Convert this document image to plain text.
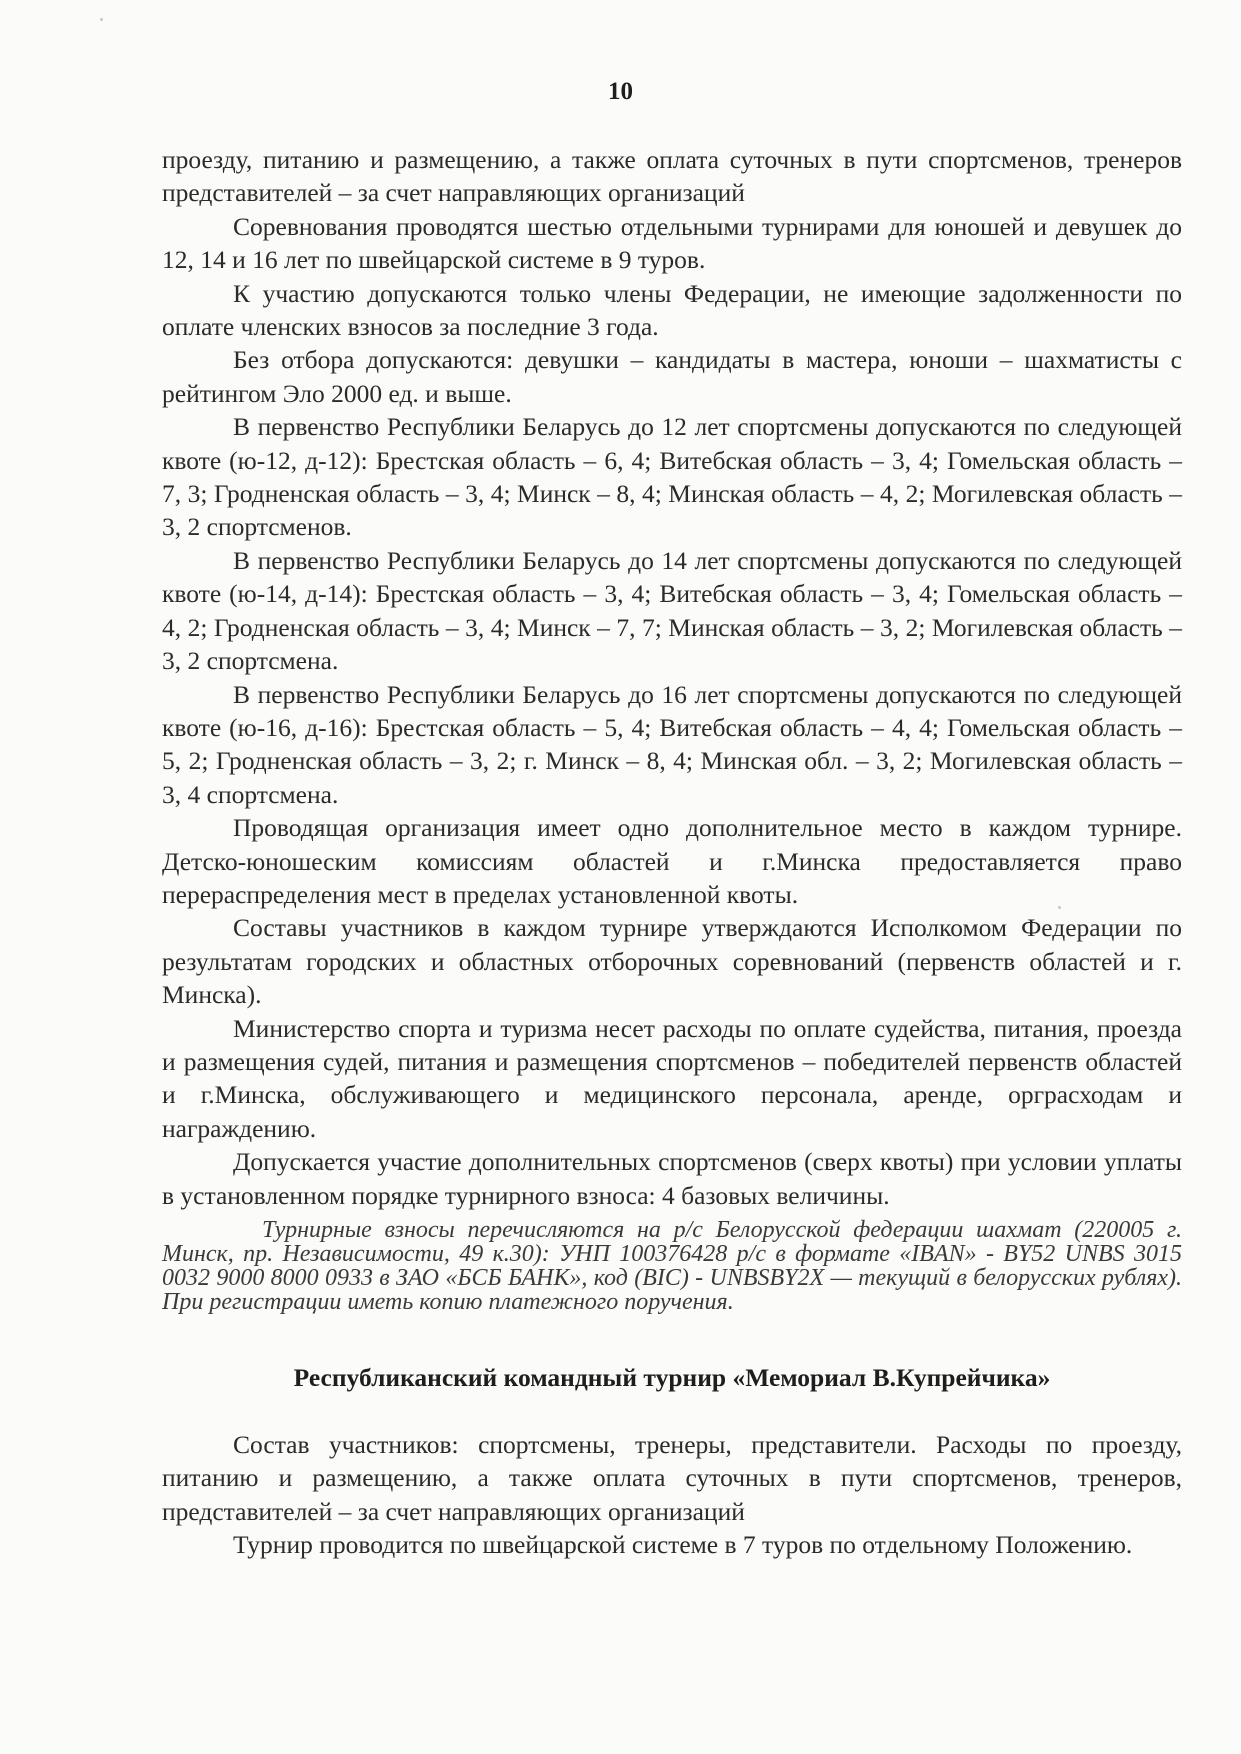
10

проезду, питанию и размещению, а также оплата суточных в пути спортсменов, тренеров представителей – за счет направляющих организаций

Соревнования проводятся шестью отдельными турнирами для юношей и девушек до 12, 14 и 16 лет по швейцарской системе в 9 туров.

К участию допускаются только члены Федерации, не имеющие задолженности по оплате членских взносов за последние 3 года.

Без отбора допускаются: девушки – кандидаты в мастера, юноши – шахматисты с рейтингом Эло 2000 ед. и выше.

В первенство Республики Беларусь до 12 лет спортсмены допускаются по следующей квоте (ю-12, д-12): Брестская область – 6, 4; Витебская область – 3, 4; Гомельская область – 7, 3; Гродненская область – 3, 4; Минск – 8, 4; Минская область – 4, 2; Могилевская область – 3, 2 спортсменов.

В первенство Республики Беларусь до 14 лет спортсмены допускаются по следующей квоте (ю-14, д-14): Брестская область – 3, 4; Витебская область – 3, 4; Гомельская область – 4, 2; Гродненская область – 3, 4; Минск – 7, 7; Минская область – 3, 2; Могилевская область – 3, 2 спортсмена.

В первенство Республики Беларусь до 16 лет спортсмены допускаются по следующей квоте (ю-16, д-16): Брестская область – 5, 4; Витебская область – 4, 4; Гомельская область – 5, 2; Гродненская область – 3, 2; г. Минск – 8, 4; Минская обл. – 3, 2; Могилевская область – 3, 4 спортсмена.

Проводящая организация имеет одно дополнительное место в каждом турнире. Детско-юношеским комиссиям областей и г.Минска предоставляется право перераспределения мест в пределах установленной квоты.

Составы участников в каждом турнире утверждаются Исполкомом Федерации по результатам городских и областных отборочных соревнований (первенств областей и г. Минска).

Министерство спорта и туризма несет расходы по оплате судейства, питания, проезда и размещения судей, питания и размещения спортсменов – победителей первенств областей и г.Минска, обслуживающего и медицинского персонала, аренде, орграсходам и награждению.

Допускается участие дополнительных спортсменов (сверх квоты) при условии уплаты в установленном порядке турнирного взноса: 4 базовых величины.

Турнирные взносы перечисляются на р/с Белорусской федерации шахмат (220005 г. Минск, пр. Независимости, 49 к.30): УНП 100376428 р/с в формате «IBAN» - BY52 UNBS 3015 0032 9000 8000 0933 в ЗАО «БСБ БАНК», код (BIC) - UNBSBY2X — текущий в белорусских рублях). При регистрации иметь копию платежного поручения.

Республиканский командный турнир «Мемориал В.Купрейчика»

Состав участников: спортсмены, тренеры, представители. Расходы по проезду, питанию и размещению, а также оплата суточных в пути спортсменов, тренеров, представителей – за счет направляющих организаций

Турнир проводится по швейцарской системе в 7 туров по отдельному Положению.
